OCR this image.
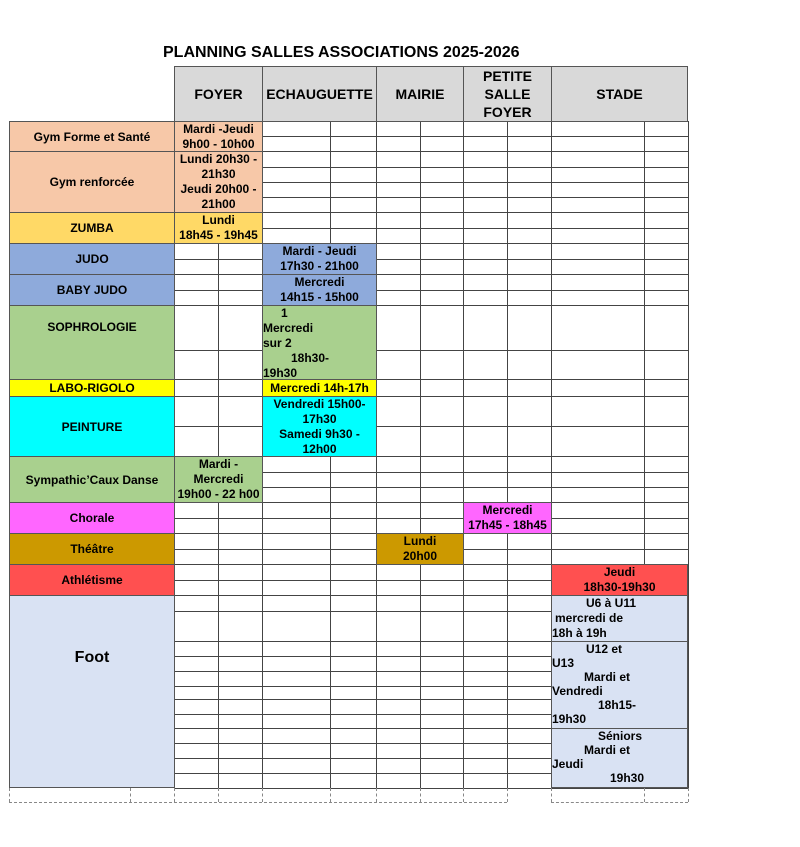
PLANNING SALLES ASSOCIATIONS 2025-2026
FOYER	ECHAUGUETTE	MAIRIE
PETITE
SALLE
FOYER
STADE
Gym Forme et Santé
Gym renforcée
ZUMBA
JUDO
BABY JUDO
SOPHROLOGIE
LABO-RIGOLO
PEINTURE
Sympathic’Caux Danse
Chorale
Théâtre
Athlétisme
Foot
Mardi -Jeudi
9h00 - 10h00
Lundi 20h30 -
21h30
Jeudi 20h00 -
21h00
Lundi
18h45 - 19h45
Mardi - Jeudi
17h30 - 21h00
Mercredi
14h15 - 15h00
1
Mercredi
sur 2
18h30-
19h30
Mercredi 14h-17h
Vendredi 15h00-
17h30
Samedi 9h30 -
12h00
Mardi -
Mercredi
19h00 - 22 h00
Mercredi
17h45 - 18h45
Lundi
20h00
Jeudi
18h30-19h30
U6 à U11
mercredi de
18h à 19h
U12 et
U13
Mardi et
Vendredi
18h15-
19h30
Séniors
Mardi et
Jeudi
19h30
